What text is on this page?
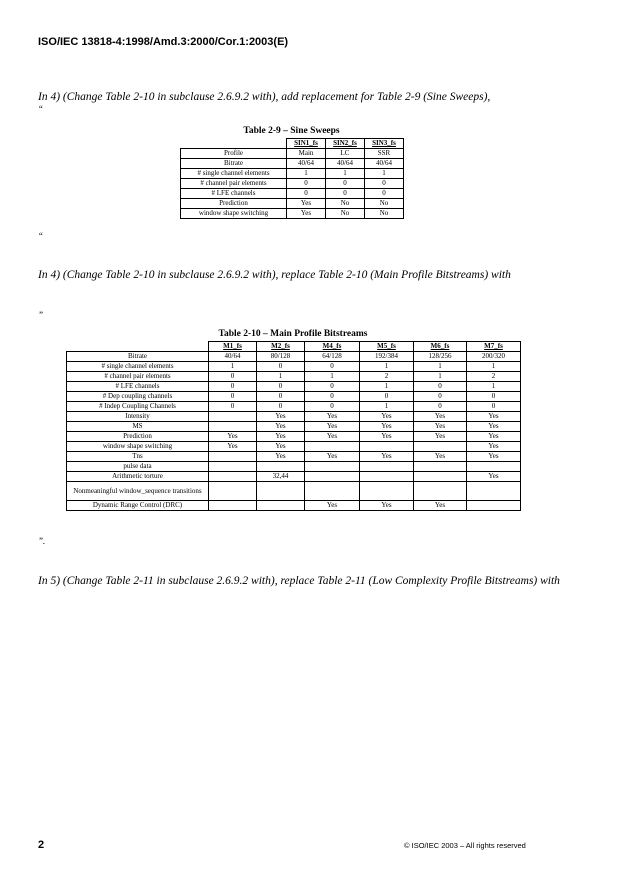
ISO/IEC 13818-4:1998/Amd.3:2000/Cor.1:2003(E)
In 4) (Change Table 2-10 in subclause 2.6.9.2 with), add replacement for Table 2-9 (Sine Sweeps),
“
Table 2-9 – Sine Sweeps
	SIN1_fs	SIN2_fs	SIN3_fs
Profile	Main	LC	SSR
Bitrate	40/64	40/64	40/64
# single channel elements	1	1	1
# channel pair elements	0	0	0
# LFE channels	0	0	0
Prediction	Yes	No	No
window shape switching	Yes	No	No
“
In 4) (Change Table 2-10 in subclause 2.6.9.2 with), replace Table 2-10 (Main Profile Bitstreams) with
”
Table 2-10 – Main Profile Bitstreams
	M1_fs	M2_fs	M4_fs	M5_fs	M6_fs	M7_fs
Bitrate	40/64	80/128	64/128	192/384	128/256	200/320
# single channel elements	1	0	0	1	1	1
# channel pair elements	0	1	1	2	1	2
# LFE channels	0	0	0	1	0	1
# Dep coupling channels	0	0	0	0	0	0
# Indep Coupling Channels	0	0	0	1	0	0
Intensity		Yes	Yes	Yes	Yes	Yes
MS		Yes	Yes	Yes	Yes	Yes
Prediction	Yes	Yes	Yes	Yes	Yes	Yes
window shape switching	Yes	Yes				Yes
Tns		Yes	Yes	Yes	Yes	Yes
pulse data						
Arithmetic torture		32,44				Yes
Nonmeaningful window_sequence transitions						
Dynamic Range Control (DRC)			Yes	Yes	Yes	
”.
In 5) (Change Table 2-11 in subclause 2.6.9.2 with), replace Table 2-11 (Low Complexity Profile Bitstreams) with
2	© ISO/IEC 2003 – All rights reserved
